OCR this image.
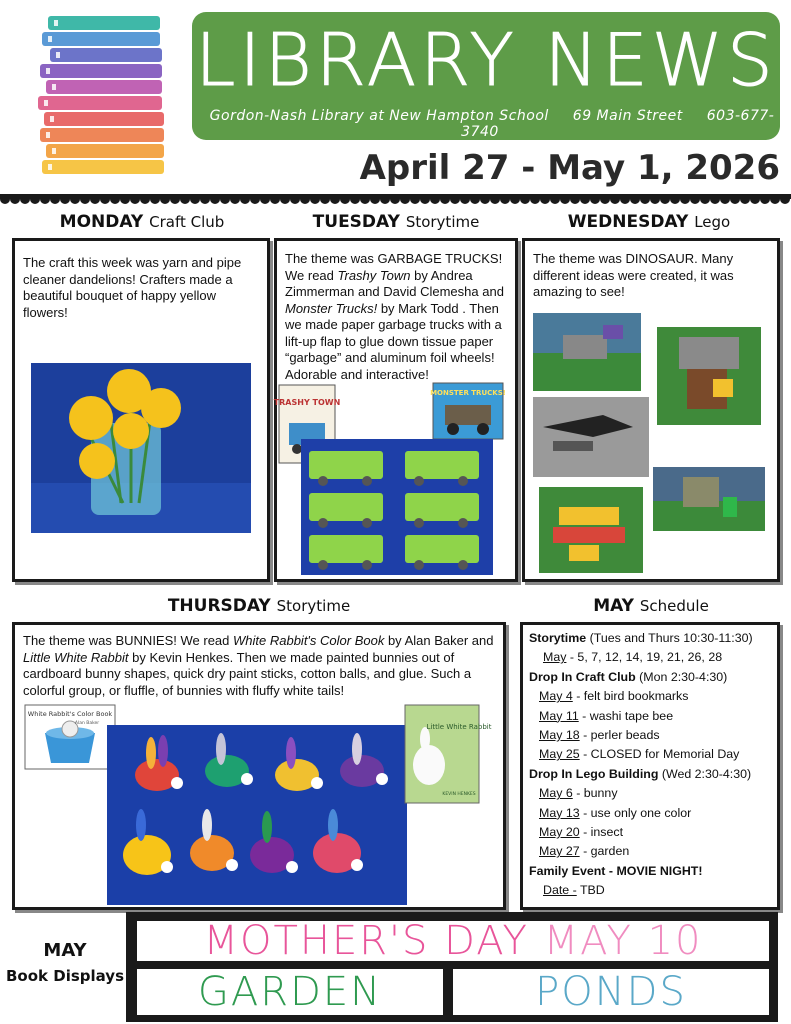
LIBRARY NEWS
Gordon-Nash Library at New Hampton School 69 Main Street 603-677-3740
April 27 - May 1, 2026
MONDAY Craft Club
The craft this week was yarn and pipe cleaner dandelions! Crafters made a beautiful bouquet of happy yellow flowers!
TUESDAY Storytime
The theme was GARBAGE TRUCKS! We read Trashy Town by Andrea Zimmerman and David Clemesha and Monster Trucks! by Mark Todd . Then we made paper garbage trucks with a lift-up flap to glue down tissue paper “garbage” and aluminum foil wheels! Adorable and interactive!
TRASHY TOWN
MONSTER TRUCKS!
WEDNESDAY Lego
The theme was DINOSAUR. Many different ideas were created, it was amazing to see!
THURSDAY Storytime
The theme was BUNNIES! We read White Rabbit's Color Book by Alan Baker and Little White Rabbit by Kevin Henkes. Then we made painted bunnies out of cardboard bunny shapes, quick dry paint sticks, cotton balls, and glue. Such a colorful group, or fluffle, of bunnies with fluffy white tails!
White Rabbit's Color Book
Alan Baker	Little White Rabbit
KEVIN HENKES
MAY Schedule
Storytime (Tues and Thurs 10:30-11:30)
May - 5, 7, 12, 14, 19, 21, 26, 28
Drop In Craft Club (Mon 2:30-4:30)
May 4 - felt bird bookmarks
May 11 - washi tape bee
May 18 - perler beads
May 25 - CLOSED for Memorial Day
Drop In Lego Building (Wed 2:30-4:30)
May 6 - bunny
May 13 - use only one color
May 20 - insect
May 27 - garden
Family Event - MOVIE NIGHT!
Date - TBD
MAY
Book Displays
MOTHER'S DAY MAY 10
GARDEN	PONDS
